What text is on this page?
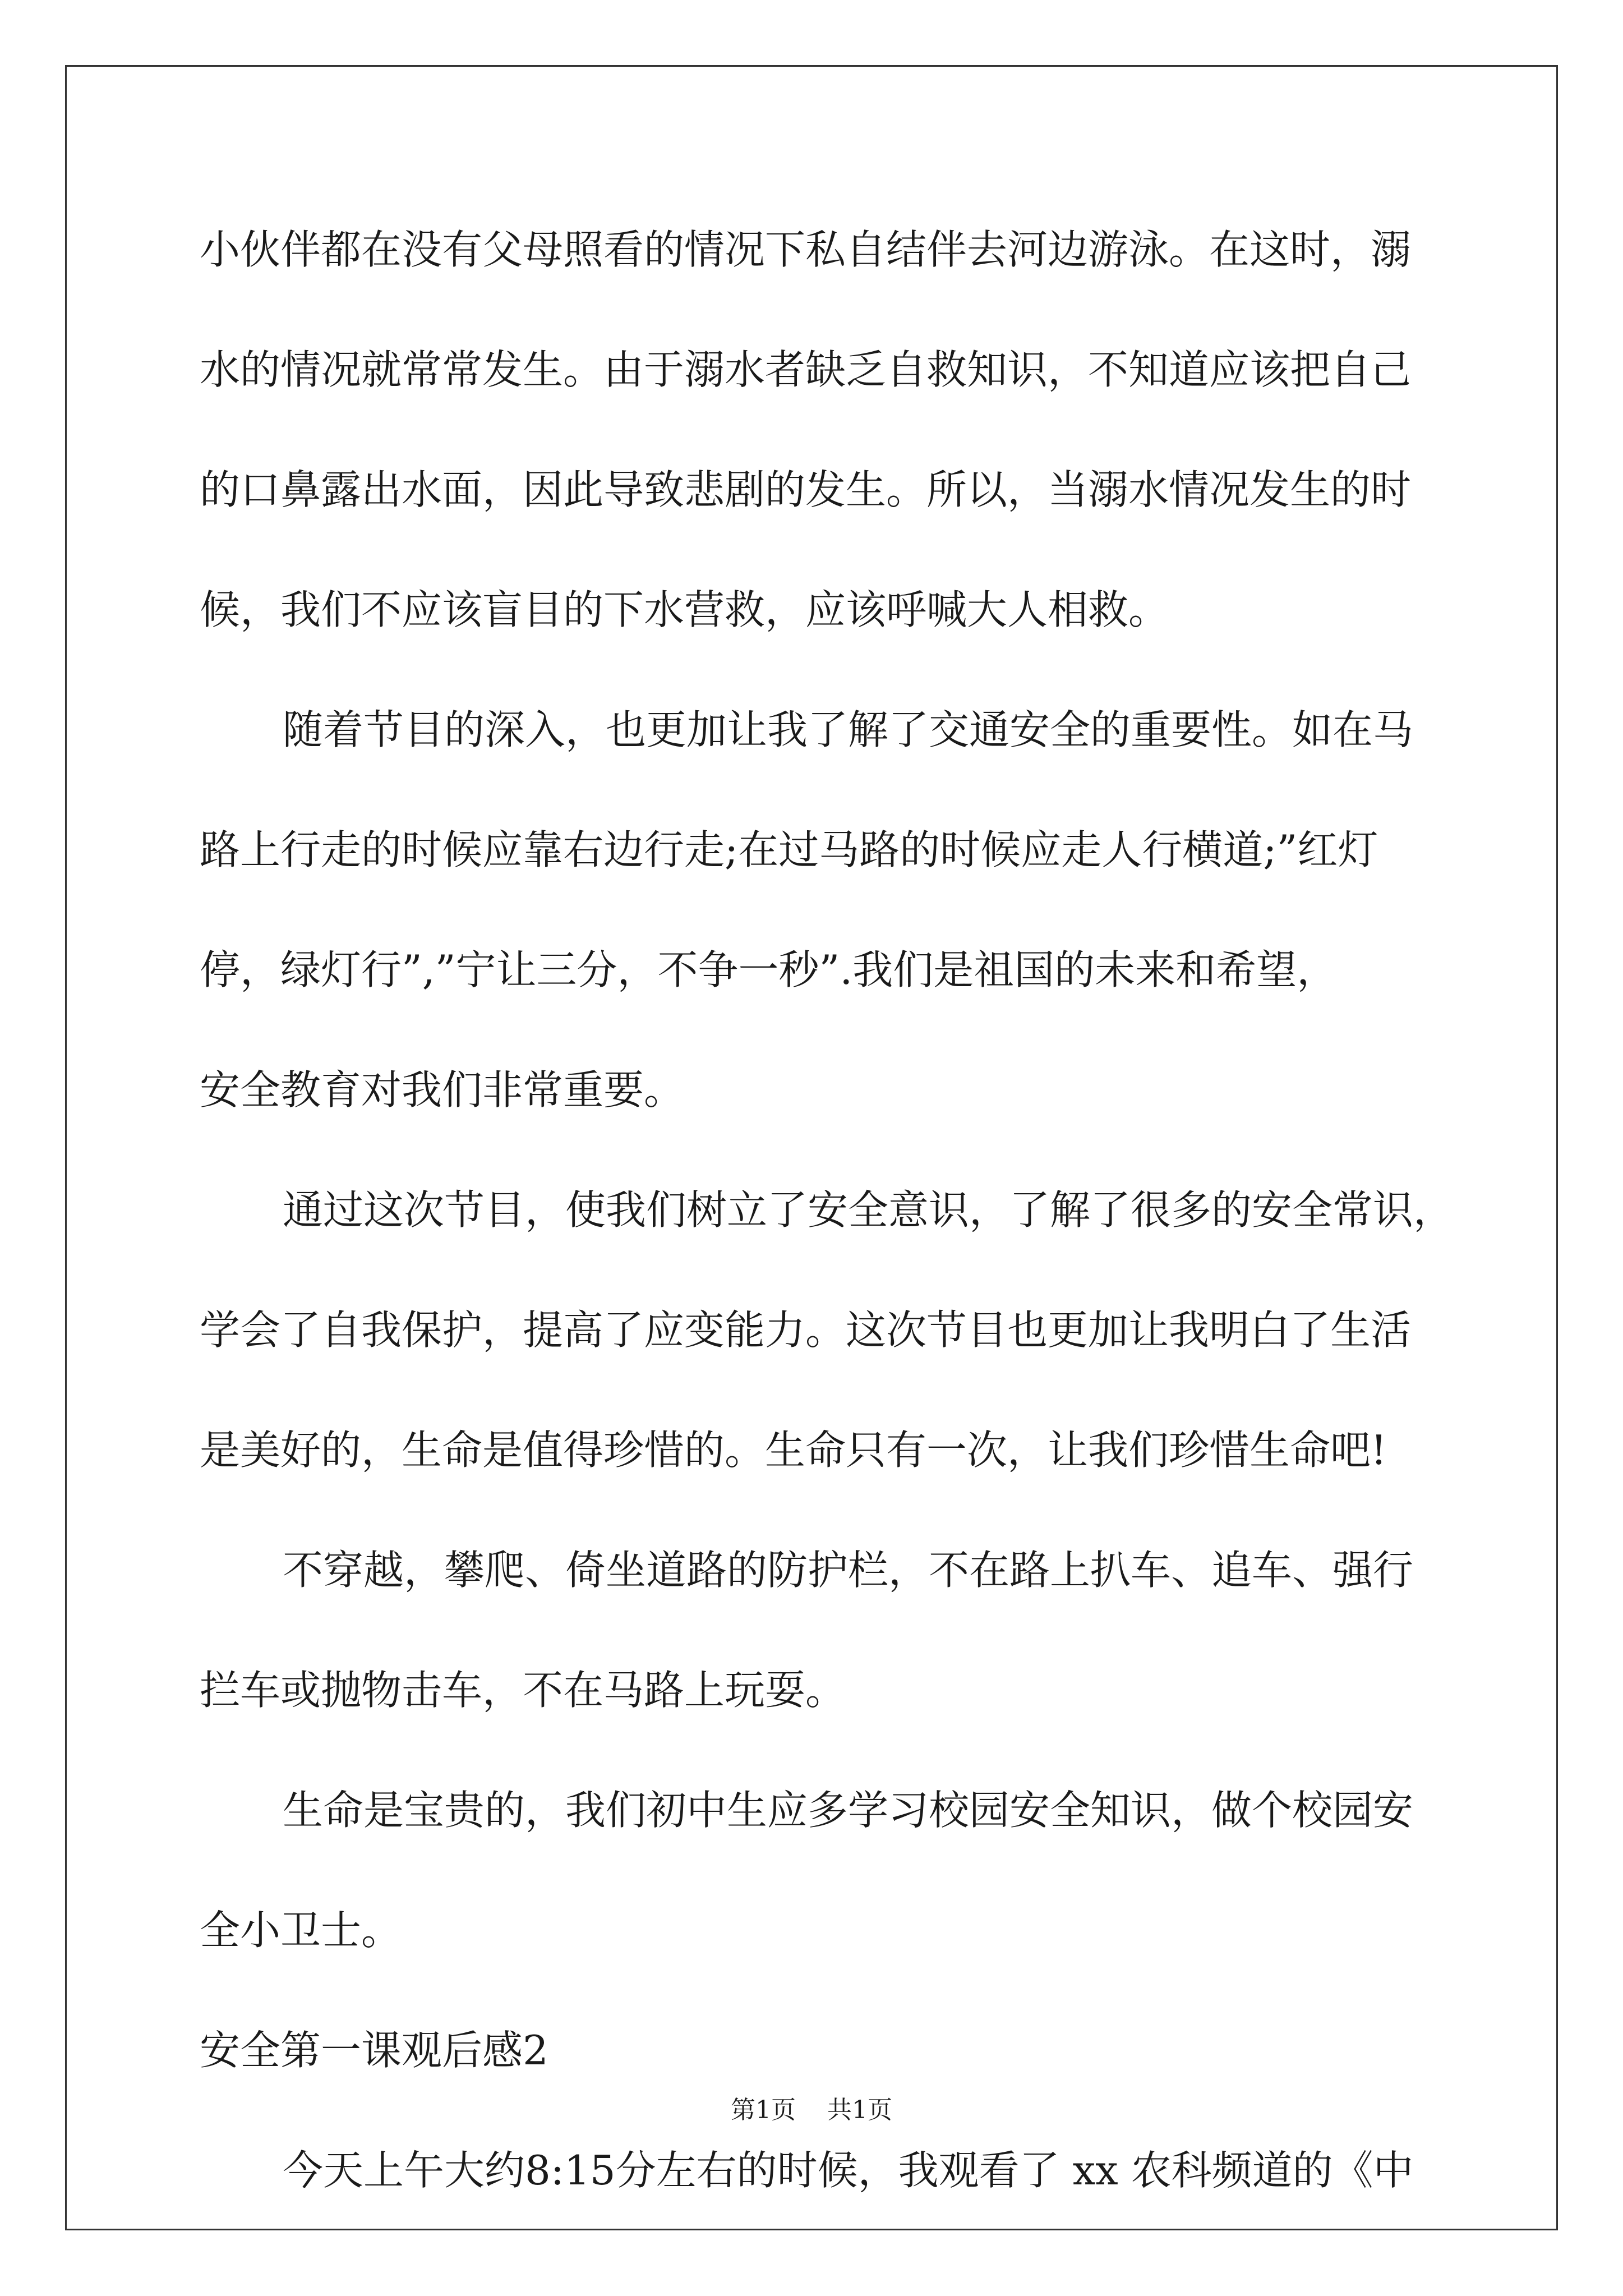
小伙伴都在没有父母照看的情况下私自结伴去河边游泳。在这时，溺
水的情况就常常发生。由于溺水者缺乏自救知识，不知道应该把自己
的口鼻露出水面，因此导致悲剧的发生。所以，当溺水情况发生的时
候，我们不应该盲目的下水营救，应该呼喊大人相救。
随着节目的深入，也更加让我了解了交通安全的重要性。如在马
路上行走的时候应靠右边行走;在过马路的时候应走人行横道;”红灯
停，绿灯行”,”宁让三分，不争一秒”.我们是祖国的未来和希望，
安全教育对我们非常重要。
通过这次节目，使我们树立了安全意识，了解了很多的安全常识，
学会了自我保护，提高了应变能力。这次节目也更加让我明白了生活
是美好的，生命是值得珍惜的。生命只有一次，让我们珍惜生命吧!
不穿越，攀爬、倚坐道路的防护栏，不在路上扒车、追车、强行
拦车或抛物击车，不在马路上玩耍。
生命是宝贵的，我们初中生应多学习校园安全知识，做个校园安
全小卫士。
安全第一课观后感2
今天上午大约8:15分左右的时候，我观看了 xx 农科频道的《中
第1页    共1页
